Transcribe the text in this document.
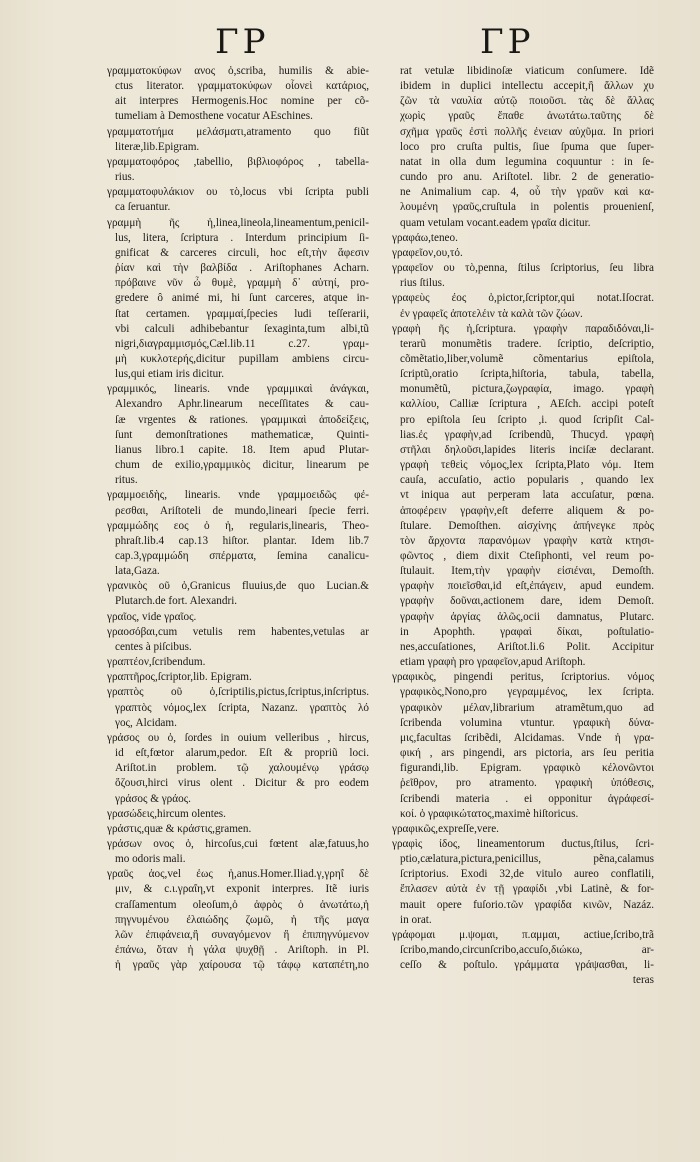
ΓΡ	ΓΡ
γραμματοκύφων ανος ὁ,scriba, humilis & abie-
ctus literator. γραμματοκύφων οἷονεὶ κατάριος,
ait interpres Hermogenis.Hoc nomine per cõ-
tumeliam à Demosthene vocatur AEschines.
γραμματοτήμα μελάσματι,atramento quo fiũt
literæ,lib.Epigram.
γραμματοφόρος ,tabellio, βιβλιοφόρος , tabella-
rius.
γραμματοφυλάκιον ου τὸ,locus vbi ſcripta publi
ca ſeruantur.
γραμμὴ ῆς ἡ,linea,lineola,lineamentum,penicil-
lus, litera, ſcriptura . Interdum principium ſi-
gnificat & carceres circuli, hoc eſt,τὴν ἄφεσιν
ῥίαν καὶ τὴν βαλβίδα . Ariſtophanes Acharn.
πρόβαινε νῦν ὦ θυμὲ, γραμμὴ δ᾽ αὑτηί, pro-
gredere ô animé mi, hi ſunt carceres, atque in-
ſtat certamen. γραμμαί,ſpecies ludi teſſerarii,
vbi calculi adhibebantur ſexaginta,tum albi,tũ
nigri,διαγραμμισμός,Cæl.lib.11 c.27. γραμ-
μὴ κυκλοτερής,dicitur pupillam ambiens circu-
lus,qui etiam iris dicitur.
γραμμικός, linearis. vnde γραμμικαὶ ἀνάγκαι,
Alexandro Aphr.linearum neceſſitates & cau-
ſæ vrgentes & rationes. γραμμικαὶ ἀποδείξεις,
ſunt demonſtrationes mathematicæ, Quinti-
lianus libro.1 capite. 18. Item apud Plutar-
chum de exilio,γραμμικὸς dicitur, linearum pe
ritus.
γραμμοειδὴς, linearis. vnde γραμμοειδῶς φέ-
ρεσθαι, Ariſtoteli de mundo,lineari ſpecie ferri.
γραμμώδης εος ὁ ἡ, regularis,linearis, Theo-
phraſt.lib.4 cap.13 hiſtor. plantar. Idem lib.7
cap.3,γραμμώδη σπέρματα, ſemina canalicu-
lata,Gaza.
γρανικὸς οῦ ὁ,Granicus fluuius,de quo Lucian.&
Plutarch.de fort. Alexandri.
γραῖος, vide γραῖος.
γραοσόβαι,cum vetulis rem habentes,vetulas ar
centes à piſcibus.
γραπτέον,ſcribendum.
γραπτῆρος,ſcriptor,lib. Epigram.
γραπτὸς οῦ ὁ,ſcriptilis,pictus,ſcriptus,inſcriptus.
γραπτὸς νόμος,lex ſcripta, Nazanz. γραπτὸς λό
γος, Alcidam.
γράσος ου ὁ, ſordes in ouium velleribus , hircus,
id eſt,fœtor alarum,pedor. Eſt & propriũ loci.
Ariſtot.in problem. τῷ χαλουμένῳ γράσῳ
ὄζουσι,hirci virus olent . Dicitur & pro eodem
γράσος & γράος.
γρασώδεις,hircum olentes.
γράστις,quæ & κράστις,gramen.
γράσων ονος ὁ, hircoſus,cui fœtent alæ,fatuus,ho
mo odoris mali.
γραῦς ἀος,vel ἐως ἡ,anus.Homer.Iliad.γ,γρηΐ δὲ
μιν, & c.ι.γραΐη,vt exponit interpres. Itẽ iuris
craſſamentum oleoſum,ὁ ἀφρὸς ὁ ἀνωτάτω,ἡ
πηγνυμένου ἐλαιώδης ζωμῶ, ἡ τῆς μαγα
λῶν ἐπιφάνεια,ἢ συναγόμενον ἢ ἐπιπηγνύμενον
ἐπάνω, ὅταν ἡ γάλα ψυχθῇ . Ariſtoph. in Pl.
ἡ γραῦς γὰρ χαίρουσα τῷ τάφῳ καταπέτη,no
rat vetulæ libidinoſæ viaticum conſumere. Idẽ
ibidem in duplici intellectu accepit,ἢ ἄλλων χυ
ζῶν τὰ ναυλία αὐτῷ ποιοῦσι. τὰς δὲ ἄλλας
χωρὶς γραῦς ἔπαθε ἀνωτάτω.ταῦτης δὲ
σχῆμα γραῦς ἐστὶ πολλῆς ἐνειαν αὐχῦμα. In priori
loco pro cruſta pultis, ſiue ſpuma que ſuper-
natat in olla dum legumina coquuntur : in ſe-
cundo pro anu. Ariſtotel. libr. 2 de generatio-
ne Animalium cap. 4, οὗ τὴν γραῦν καὶ κα-
λουμένη γραῦς,cruſtula in polentis prouenienſ,
quam vetulam vocant.eadem γραῖα dicitur.
γραφάω,teneo.
γραφεῖον,ου,τό.
γραφεῖον ου τὸ,penna, ſtilus ſcriptorius, ſeu libra
rius ſtilus.
γραφεὺς έος ὁ,pictor,ſcriptor,qui notat.Iſocrat.
ἐν γραφεῖς ἀποτελέιν τὰ καλὰ τῶν ζώων.
γραφὴ ῆς ἡ,ſcriptura. γραφὴν παραδιδόναι,li-
terarũ monumẽtis tradere. ſcriptio, deſcriptio,
cõmẽtatio,liber,volumẽ cõmentarius epiſtola,
ſcriptũ,oratio ſcripta,hiſtoria, tabula, tabella,
monumẽtũ, pictura,ζωγραφία, imago. γραφὴ
καλλίου, Calliæ ſcriptura , AEſch. accipi poteſt
pro epiſtola ſeu ſcripto ,i. quod ſcripſit Cal-
lias.ἐς γραφὴν,ad ſcribendũ, Thucyd. γραφὴ
στῆλαι δηλοῦσι,lapides literis inciſæ declarant.
γραφὴ τεθεὶς νόμος,lex ſcripta,Plato νόμ. Item
cauſa, accuſatio, actio popularis , quando lex
vt iniqua aut perperam lata accuſatur, pœna.
ἀποφέρειν γραφὴν,eſt deferre aliquem & po-
ſtulare. Demoſthen. αἰσχίνης ἀπήνεγκε πρὸς
τὸν ἄρχοντα παρανόμων γραφὴν κατὰ κτησι-
φῶντος , diem dixit Cteſiphonti, vel reum po-
ſtulauit. Item,τὴν γραφὴν εἰσιέναι, Demoſth.
γραφὴν ποιεῖσθαι,id eſt,ἐπάγειν, apud eundem.
γραφὴν δοῦναι,actionem dare, idem Demoſt.
γραφὴν ἀργίας ἁλῶς,ocii damnatus, Plutarc.
in Apophth. γραφαὶ δίκαι, poſtulatio-
nes,accuſationes, Ariſtot.li.6 Polit. Accipitur
etiam γραφὴ pro γραφεῖον,apud Ariſtoph.
γραφικὸς, pingendi peritus, ſcriptorius. νόμος
γραφικὸς,Nono,pro γεγραμμένος, lex ſcripta.
γραφικὸν μέλαν,librarium atramẽtum,quo ad
ſcribenda volumina vtuntur. γραφικὴ δύνα-
μις,facultas ſcribẽdi, Alcidamas. Vnde ἡ γρα-
φική , ars pingendi, ars pictoria, ars ſeu peritia
figurandi,lib. Epigram. γραφικὸ κέλονῶντοι
ῥεῖθρον, pro atramento. γραφικὴ ὑπόθεσις,
ſcribendi materia . ei opponitur ἀγράφεσί-
κοί. ὁ γραφικώτατος,maximè hiſtoricus.
γραφικῶς,expreſſe,vere.
γραφὶς ίδος, lineamentorum ductus,ſtilus, ſcri-
ptio,cælatura,pictura,penicillus, pẽna,calamus
ſcriptorius. Exodi 32,de vitulo aureo conflatili,
ἔπλασεν αὐτὰ ἐν τῇ γραφίδι ,vbi Latinè, & for-
mauit opere fuſorio.τῶν γραφίδα κινῶν, Nazáz.
in orat.
γράφομαι μ.ψομαι, π.αμμαι, actiue,ſcribo,trã
ſcribo,mando,circunſcribo,accuſo,διώκω, ar-
ceſſo & poſtulo. γράμματα γράψασθαι, li-
teras
